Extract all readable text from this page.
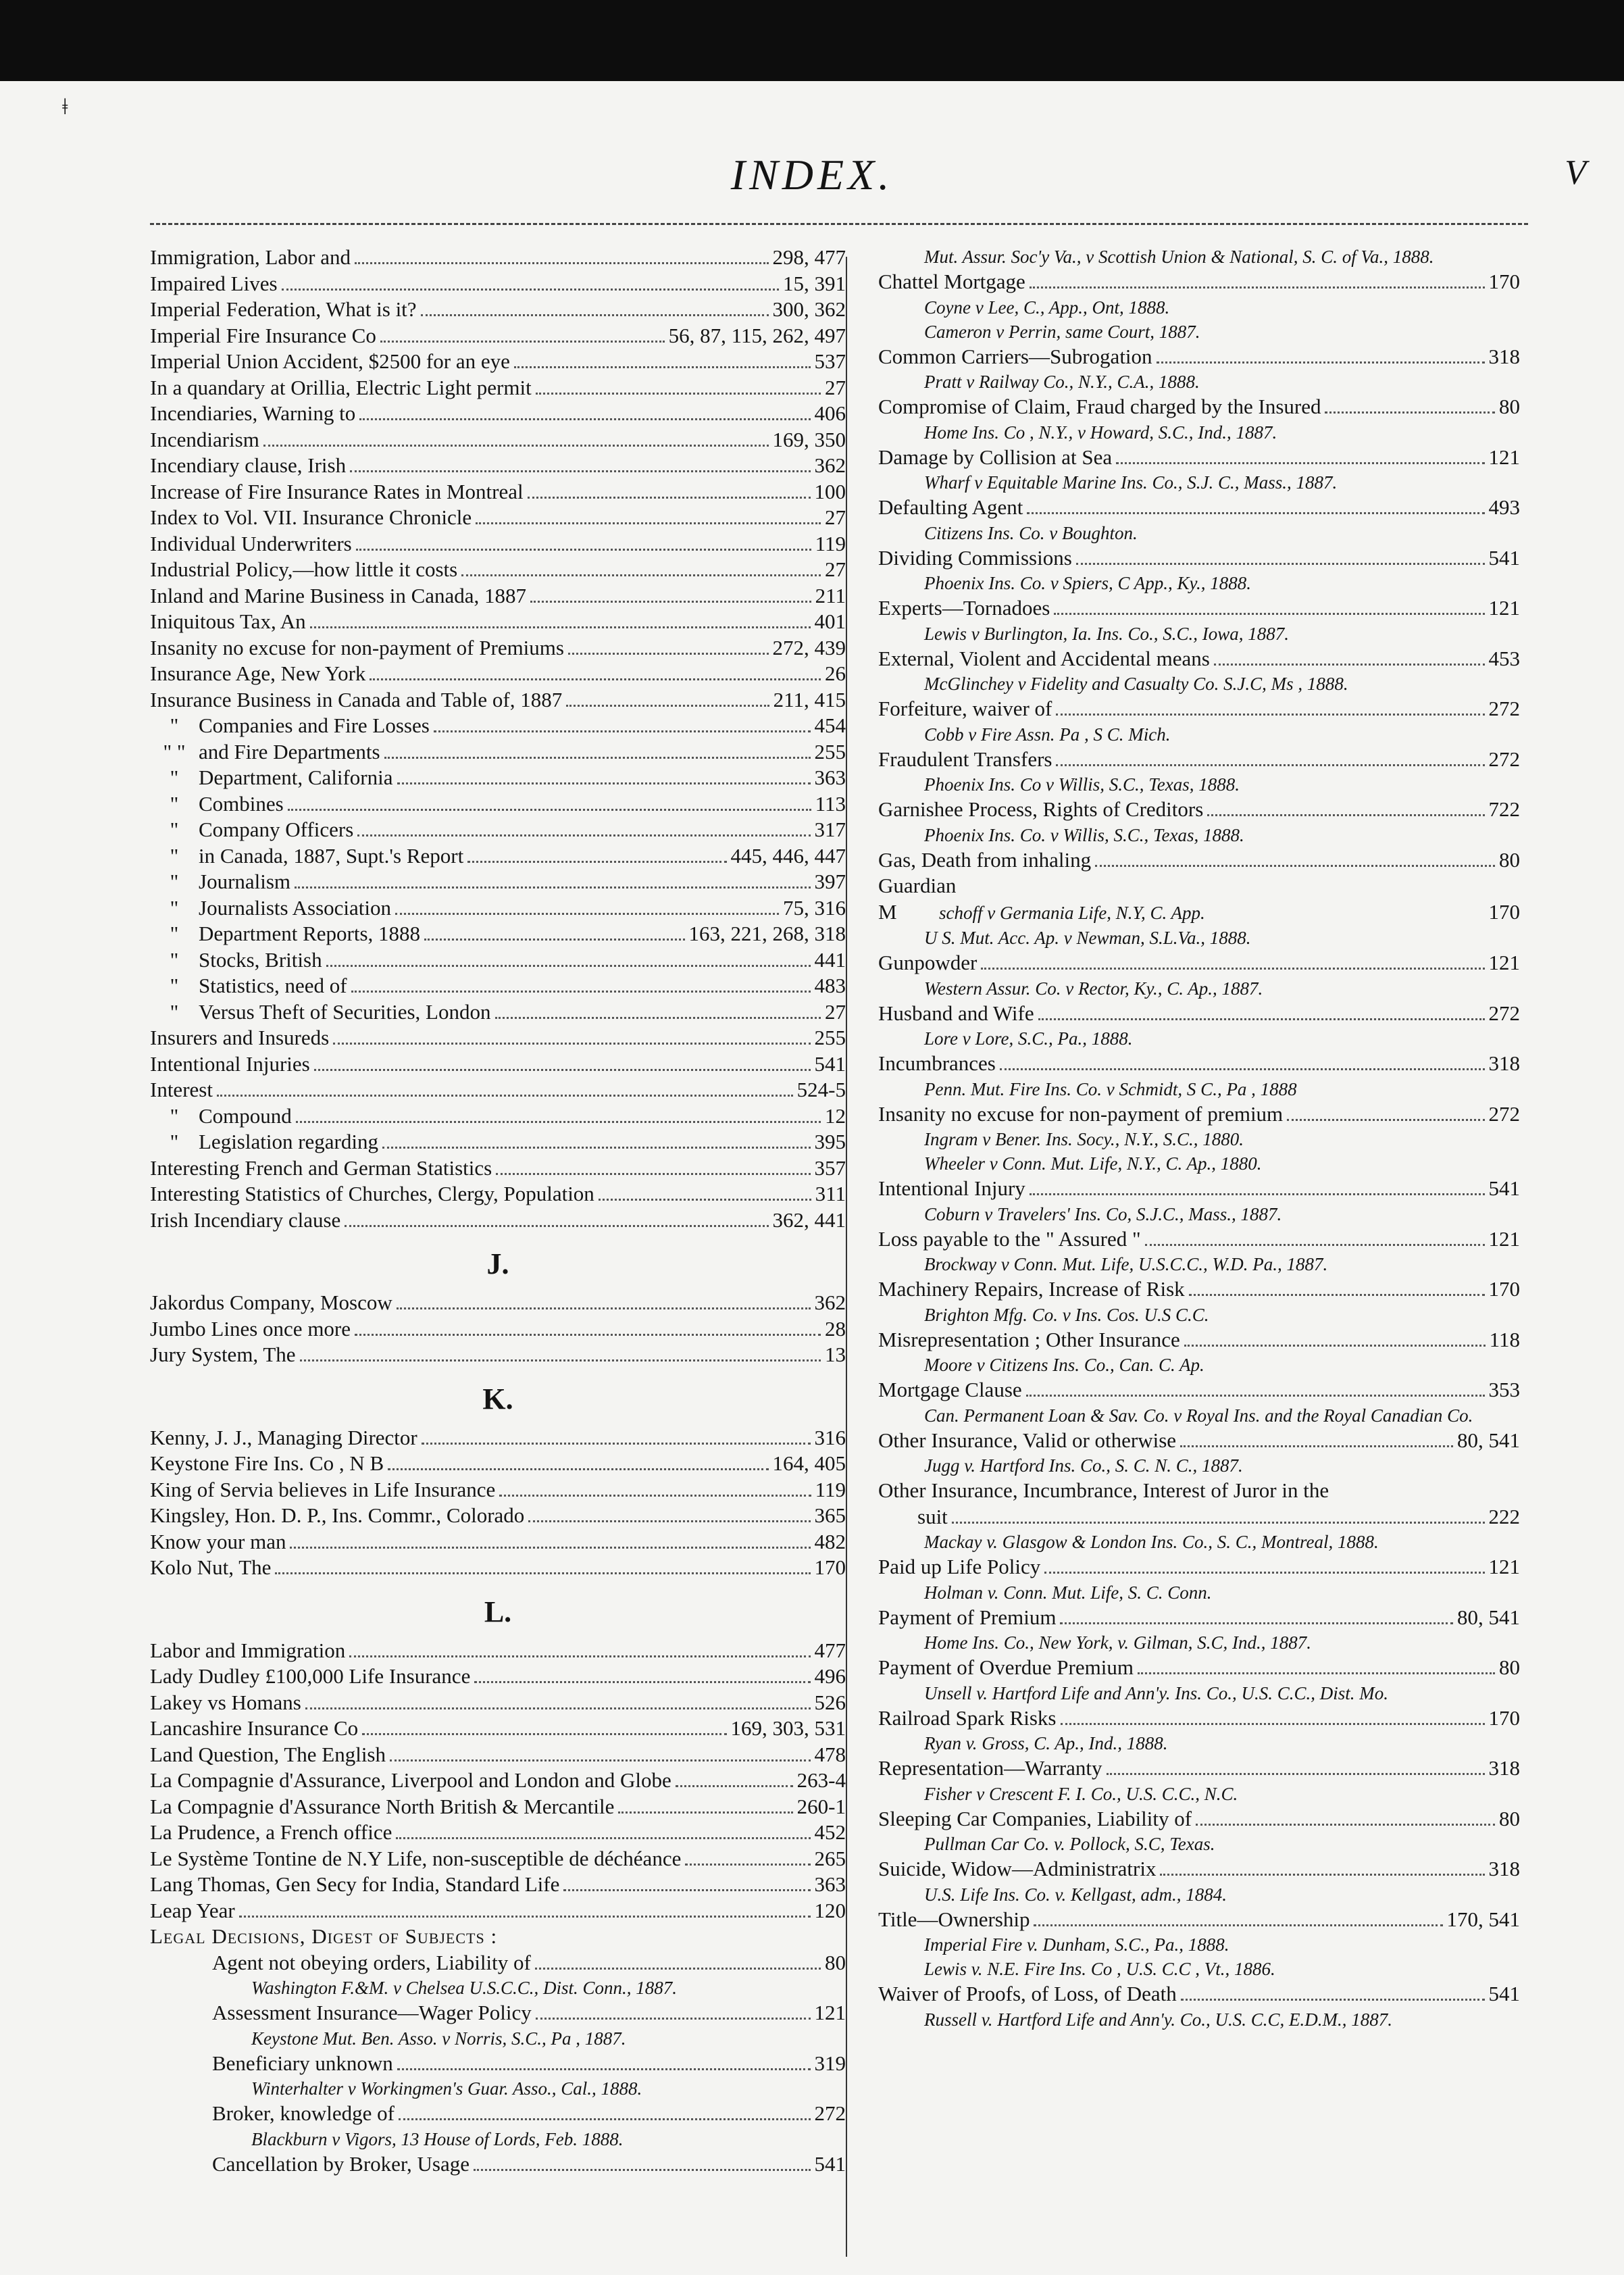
ǂ
INDEX.	V
Immigration, Labor and	298, 477
Impaired Lives	15, 391
Imperial Federation, What is it?	300, 362
Imperial Fire Insurance Co	56, 87, 115, 262, 497
Imperial Union Accident, $2500 for an eye	537
In a quandary at Orillia, Electric Light permit	27
Incendiaries, Warning to	406
Incendiarism	169, 350
Incendiary clause, Irish	362
Increase of Fire Insurance Rates in Montreal	100
Index to Vol. VII. Insurance Chronicle	27
Individual Underwriters	119
Industrial Policy,—how little it costs	27
Inland and Marine Business in Canada, 1887	211
Iniquitous Tax, An	401
Insanity no excuse for non-payment of Premiums	272, 439
Insurance Age, New York	26
Insurance Business in Canada and Table of, 1887	211, 415
" Companies and Fire Losses	454
" " and Fire Departments	255
" Department, California	363
" Combines	113
" Company Officers	317
" in Canada, 1887, Supt.'s Report	445, 446, 447
" Journalism	397
" Journalists Association	75, 316
" Department Reports, 1888	163, 221, 268, 318
" Stocks, British	441
" Statistics, need of	483
" Versus Theft of Securities, London	27
Insurers and Insureds	255
Intentional Injuries	541
Interest	524-5
" Compound	12
" Legislation regarding	395
Interesting French and German Statistics	357
Interesting Statistics of Churches, Clergy, Population	311
Irish Incendiary clause	362, 441
J.
Jakordus Company, Moscow	362
Jumbo Lines once more	28
Jury System, The	13
K.
Kenny, J. J., Managing Director	316
Keystone Fire Ins. Co , N B	164, 405
King of Servia believes in Life Insurance	119
Kingsley, Hon. D. P., Ins. Commr., Colorado	365
Know your man	482
Kolo Nut, The	170
L.
Labor and Immigration	477
Lady Dudley £100,000 Life Insurance	496
Lakey vs Homans	526
Lancashire Insurance Co	169, 303, 531
Land Question, The English	478
La Compagnie d'Assurance, Liverpool and London and Globe	263-4
La Compagnie d'Assurance North British & Mercantile	260-1
La Prudence, a French office	452
Le Système Tontine de N.Y Life, non-susceptible de déchéance	265
Lang Thomas, Gen Secy for India, Standard Life	363
Leap Year	120
Legal Decisions, Digest of Subjects :
Agent not obeying orders, Liability of	80
Washington F.&M. v Chelsea U.S.C.C., Dist. Conn., 1887.
Assessment Insurance—Wager Policy	121
Keystone Mut. Ben. Asso. v Norris, S.C., Pa , 1887.
Beneficiary unknown	319
Winterhalter v Workingmen's Guar. Asso., Cal., 1888.
Broker, knowledge of	272
Blackburn v Vigors, 13 House of Lords, Feb. 1888.
Cancellation by Broker, Usage	541
Mut. Assur. Soc'y Va., v Scottish Union & National, S. C. of Va., 1888.
Chattel Mortgage	170
Coyne v Lee, C., App., Ont, 1888.
Cameron v Perrin, same Court, 1887.
Common Carriers—Subrogation	318
Pratt v Railway Co., N.Y., C.A., 1888.
Compromise of Claim, Fraud charged by the Insured	80
Home Ins. Co , N.Y., v Howard, S.C., Ind., 1887.
Damage by Collision at Sea	121
Wharf v Equitable Marine Ins. Co., S.J. C., Mass., 1887.
Defaulting Agent	493
Citizens Ins. Co. v Boughton.
Dividing Commissions	541
Phoenix Ins. Co. v Spiers, C App., Ky., 1888.
Experts—Tornadoes	121
Lewis v Burlington, Ia. Ins. Co., S.C., Iowa, 1887.
External, Violent and Accidental means	453
McGlinchey v Fidelity and Casualty Co. S.J.C, Ms , 1888.
Forfeiture, waiver of	272
Cobb v Fire Assn. Pa , S C. Mich.
Fraudulent Transfers	272
Phoenix Ins. Co v Willis, S.C., Texas, 1888.
Garnishee Process, Rights of Creditors	722
Phoenix Ins. Co. v Willis, S.C., Texas, 1888.
Gas, Death from inhaling	80
Guardian
M	schoff v Germania Life, N.Y, C. App.	170
U S. Mut. Acc. Ap. v Newman, S.L.Va., 1888.
Gunpowder	121
Western Assur. Co. v Rector, Ky., C. Ap., 1887.
Husband and Wife	272
Lore v Lore, S.C., Pa., 1888.
Incumbrances	318
Penn. Mut. Fire Ins. Co. v Schmidt, S C., Pa , 1888
Insanity no excuse for non-payment of premium	272
Ingram v Bener. Ins. Socy., N.Y., S.C., 1880.
Wheeler v Conn. Mut. Life, N.Y., C. Ap., 1880.
Intentional Injury	541
Coburn v Travelers' Ins. Co, S.J.C., Mass., 1887.
Loss payable to the " Assured "	121
Brockway v Conn. Mut. Life, U.S.C.C., W.D. Pa., 1887.
Machinery Repairs, Increase of Risk	170
Brighton Mfg. Co. v Ins. Cos. U.S C.C.
Misrepresentation ; Other Insurance	118
Moore v Citizens Ins. Co., Can. C. Ap.
Mortgage Clause	353
Can. Permanent Loan & Sav. Co. v Royal Ins. and the Royal Canadian Co.
Other Insurance, Valid or otherwise	80, 541
Jugg v. Hartford Ins. Co., S. C. N. C., 1887.
Other Insurance, Incumbrance, Interest of Juror in the
suit	222
Mackay v. Glasgow & London Ins. Co., S. C., Montreal, 1888.
Paid up Life Policy	121
Holman v. Conn. Mut. Life, S. C. Conn.
Payment of Premium	80, 541
Home Ins. Co., New York, v. Gilman, S.C, Ind., 1887.
Payment of Overdue Premium	80
Unsell v. Hartford Life and Ann'y. Ins. Co., U.S. C.C., Dist. Mo.
Railroad Spark Risks	170
Ryan v. Gross, C. Ap., Ind., 1888.
Representation—Warranty	318
Fisher v Crescent F. I. Co., U.S. C.C., N.C.
Sleeping Car Companies, Liability of	80
Pullman Car Co. v. Pollock, S.C, Texas.
Suicide, Widow—Administratrix	318
U.S. Life Ins. Co. v. Kellgast, adm., 1884.
Title—Ownership	170, 541
Imperial Fire v. Dunham, S.C., Pa., 1888.
Lewis v. N.E. Fire Ins. Co , U.S. C.C , Vt., 1886.
Waiver of Proofs, of Loss, of Death	541
Russell v. Hartford Life and Ann'y. Co., U.S. C.C, E.D.M., 1887.
